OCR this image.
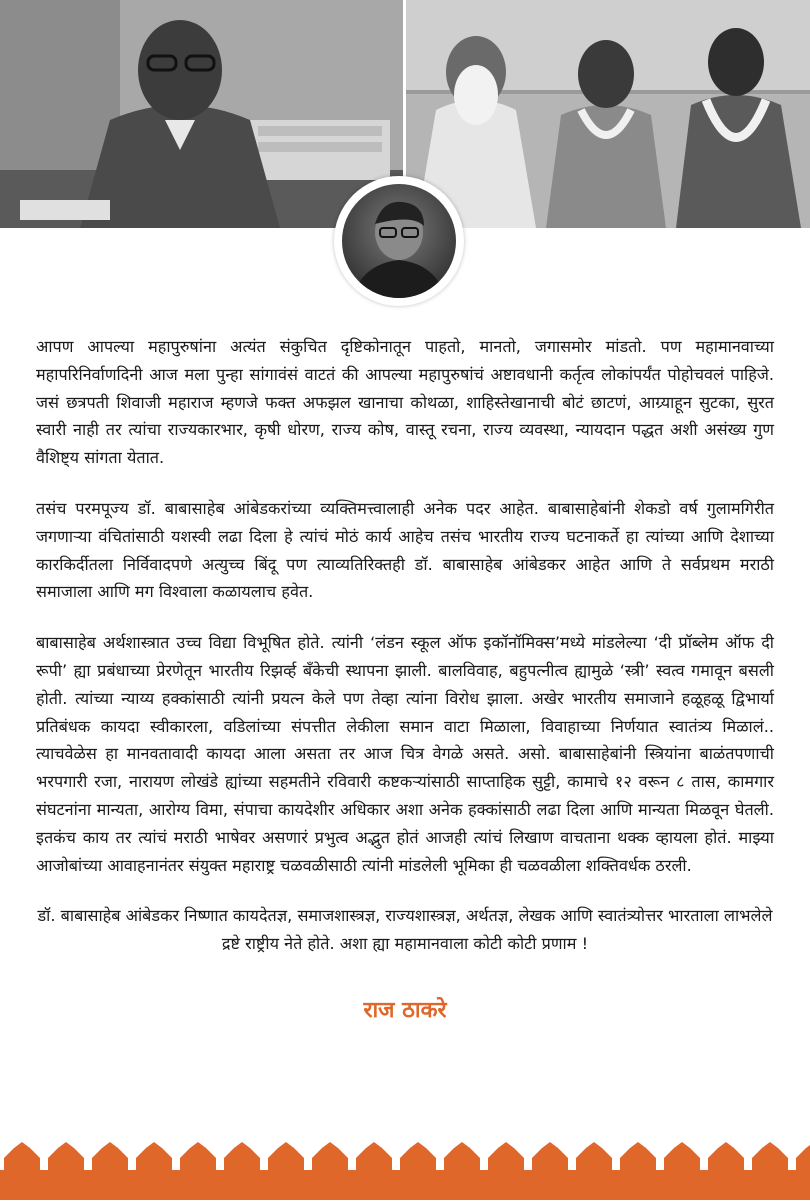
आपण आपल्या महापुरुषांना अत्यंत संकुचित दृष्टिकोनातून पाहतो, मानतो, जगासमोर मांडतो. पण महामानवाच्या महापरिनिर्वाणदिनी आज मला पुन्हा सांगावंसं वाटतं की आपल्या महापुरुषांचं अष्टावधानी कर्तृत्व लोकांपर्यंत पोहोचवलं पाहिजे. जसं छत्रपती शिवाजी महाराज म्हणजे फक्त अफझल खानाचा कोथळा, शाहिस्तेखानाची बोटं छाटणं, आग्र्याहून सुटका, सुरत स्वारी नाही तर त्यांचा राज्यकारभार, कृषी धोरण, राज्य कोष, वास्तू रचना, राज्य व्यवस्था, न्यायदान पद्धत अशी असंख्य गुण वैशिष्ट्य सांगता येतात.

तसंच परमपूज्य डॉ. बाबासाहेब आंबेडकरांच्या व्यक्तिमत्त्वालाही अनेक पदर आहेत. बाबासाहेबांनी शेकडो वर्ष गुलामगिरीत जगणाऱ्या वंचितांसाठी यशस्वी लढा दिला हे त्यांचं मोठं कार्य आहेच तसंच भारतीय राज्य घटनाकर्ते हा त्यांच्या आणि देशाच्या कारकिर्दीतला निर्विवादपणे अत्युच्च बिंदू पण त्याव्यतिरिक्तही डॉ. बाबासाहेब आंबेडकर आहेत आणि ते सर्वप्रथम मराठी समाजाला आणि मग विश्वाला कळायलाच हवेत.

बाबासाहेब अर्थशास्त्रात उच्च विद्या विभूषित होते. त्यांनी ‘लंडन स्कूल ऑफ इकॉनॉमिक्स’मध्ये मांडलेल्या ‘दी प्रॉब्लेम ऑफ दी रूपी’ ह्या प्रबंधाच्या प्रेरणेतून भारतीय रिझर्व्ह बँकेची स्थापना झाली. बालविवाह, बहुपत्नीत्व ह्यामुळे ‘स्त्री’ स्वत्व गमावून बसली होती. त्यांच्या न्याय्य हक्कांसाठी त्यांनी प्रयत्न केले पण तेव्हा त्यांना विरोध झाला. अखेर भारतीय समाजाने हळूहळू द्विभार्या प्रतिबंधक कायदा स्वीकारला, वडिलांच्या संपत्तीत लेकीला समान वाटा मिळाला, विवाहाच्या निर्णयात स्वातंत्र्य मिळालं.. त्याचवेळेस हा मानवतावादी कायदा आला असता तर आज चित्र वेगळे असते. असो. बाबासाहेबांनी स्त्रियांना बाळंतपणाची भरपगारी रजा, नारायण लोखंडे ह्यांच्या सहमतीने रविवारी कष्टकऱ्यांसाठी साप्ताहिक सुट्टी, कामाचे १२ वरून ८ तास, कामगार संघटनांना मान्यता, आरोग्य विमा, संपाचा कायदेशीर अधिकार अशा अनेक हक्कांसाठी लढा दिला आणि मान्यता मिळवून घेतली. इतकंच काय तर त्यांचं मराठी भाषेवर असणारं प्रभुत्व अद्भुत होतं आजही त्यांचं लिखाण वाचताना थक्क व्हायला होतं. माझ्या आजोबांच्या आवाहनानंतर संयुक्त महाराष्ट्र चळवळीसाठी त्यांनी मांडलेली भूमिका ही चळवळीला शक्तिवर्धक ठरली.

डॉ. बाबासाहेब आंबेडकर निष्णात कायदेतज्ञ, समाजशास्त्रज्ञ, राज्यशास्त्रज्ञ, अर्थतज्ञ, लेखक आणि स्वातंत्र्योत्तर भारताला लाभलेले द्रष्टे राष्ट्रीय नेते होते. अशा ह्या महामानवाला कोटी कोटी प्रणाम !

राज ठाकरे
